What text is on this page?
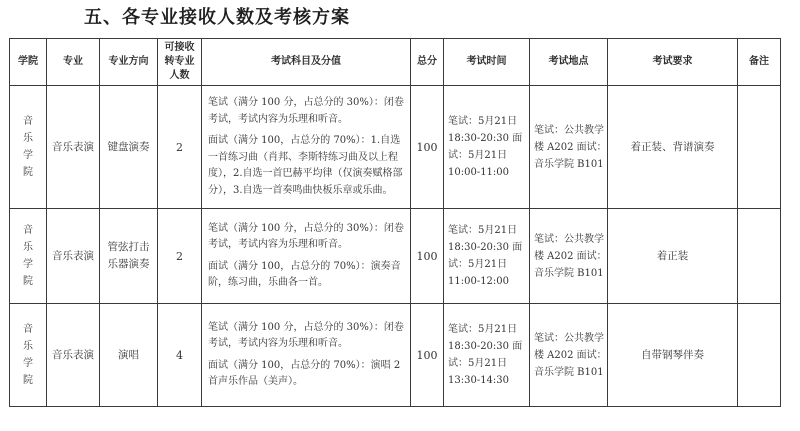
五、各专业接收人数及考核方案
学院	专业	专业方向	可接收转专业人数	考试科目及分值	总分	考试时间	考试地点	考试要求	备注
音乐学院	音乐表演	键盘演奏	2	笔试（满分 100 分，占总分的 30%）：闭卷考试，考试内容为乐理和听音。
面试（满分 100，占总分的 70%）：1.自选一首练习曲（肖邦、李斯特练习曲及以上程度），2.自选一首巴赫平均律（仅演奏赋格部分），3.自选一首奏鸣曲快板乐章或乐曲。	100	笔试：5月21日 18:30-20:30 面试：5月21日 10:00-11:00	笔试：公共教学楼 A202 面试：音乐学院 B101	着正装、背谱演奏	
音乐学院	音乐表演	管弦打击乐器演奏	2	笔试（满分 100 分，占总分的 30%）：闭卷考试，考试内容为乐理和听音。
面试（满分 100，占总分的 70%）：演奏音阶，练习曲，乐曲各一首。	100	笔试：5月21日 18:30-20:30 面试：5月21日 11:00-12:00	笔试：公共教学楼 A202 面试：音乐学院 B101	着正装	
音乐学院	音乐表演	演唱	4	笔试（满分 100 分，占总分的 30%）：闭卷考试，考试内容为乐理和听音。
面试（满分 100，占总分的 70%）：演唱 2 首声乐作品（美声）。	100	笔试：5月21日 18:30-20:30 面试：5月21日 13:30-14:30	笔试：公共教学楼 A202 面试：音乐学院 B101	自带钢琴伴奏	
